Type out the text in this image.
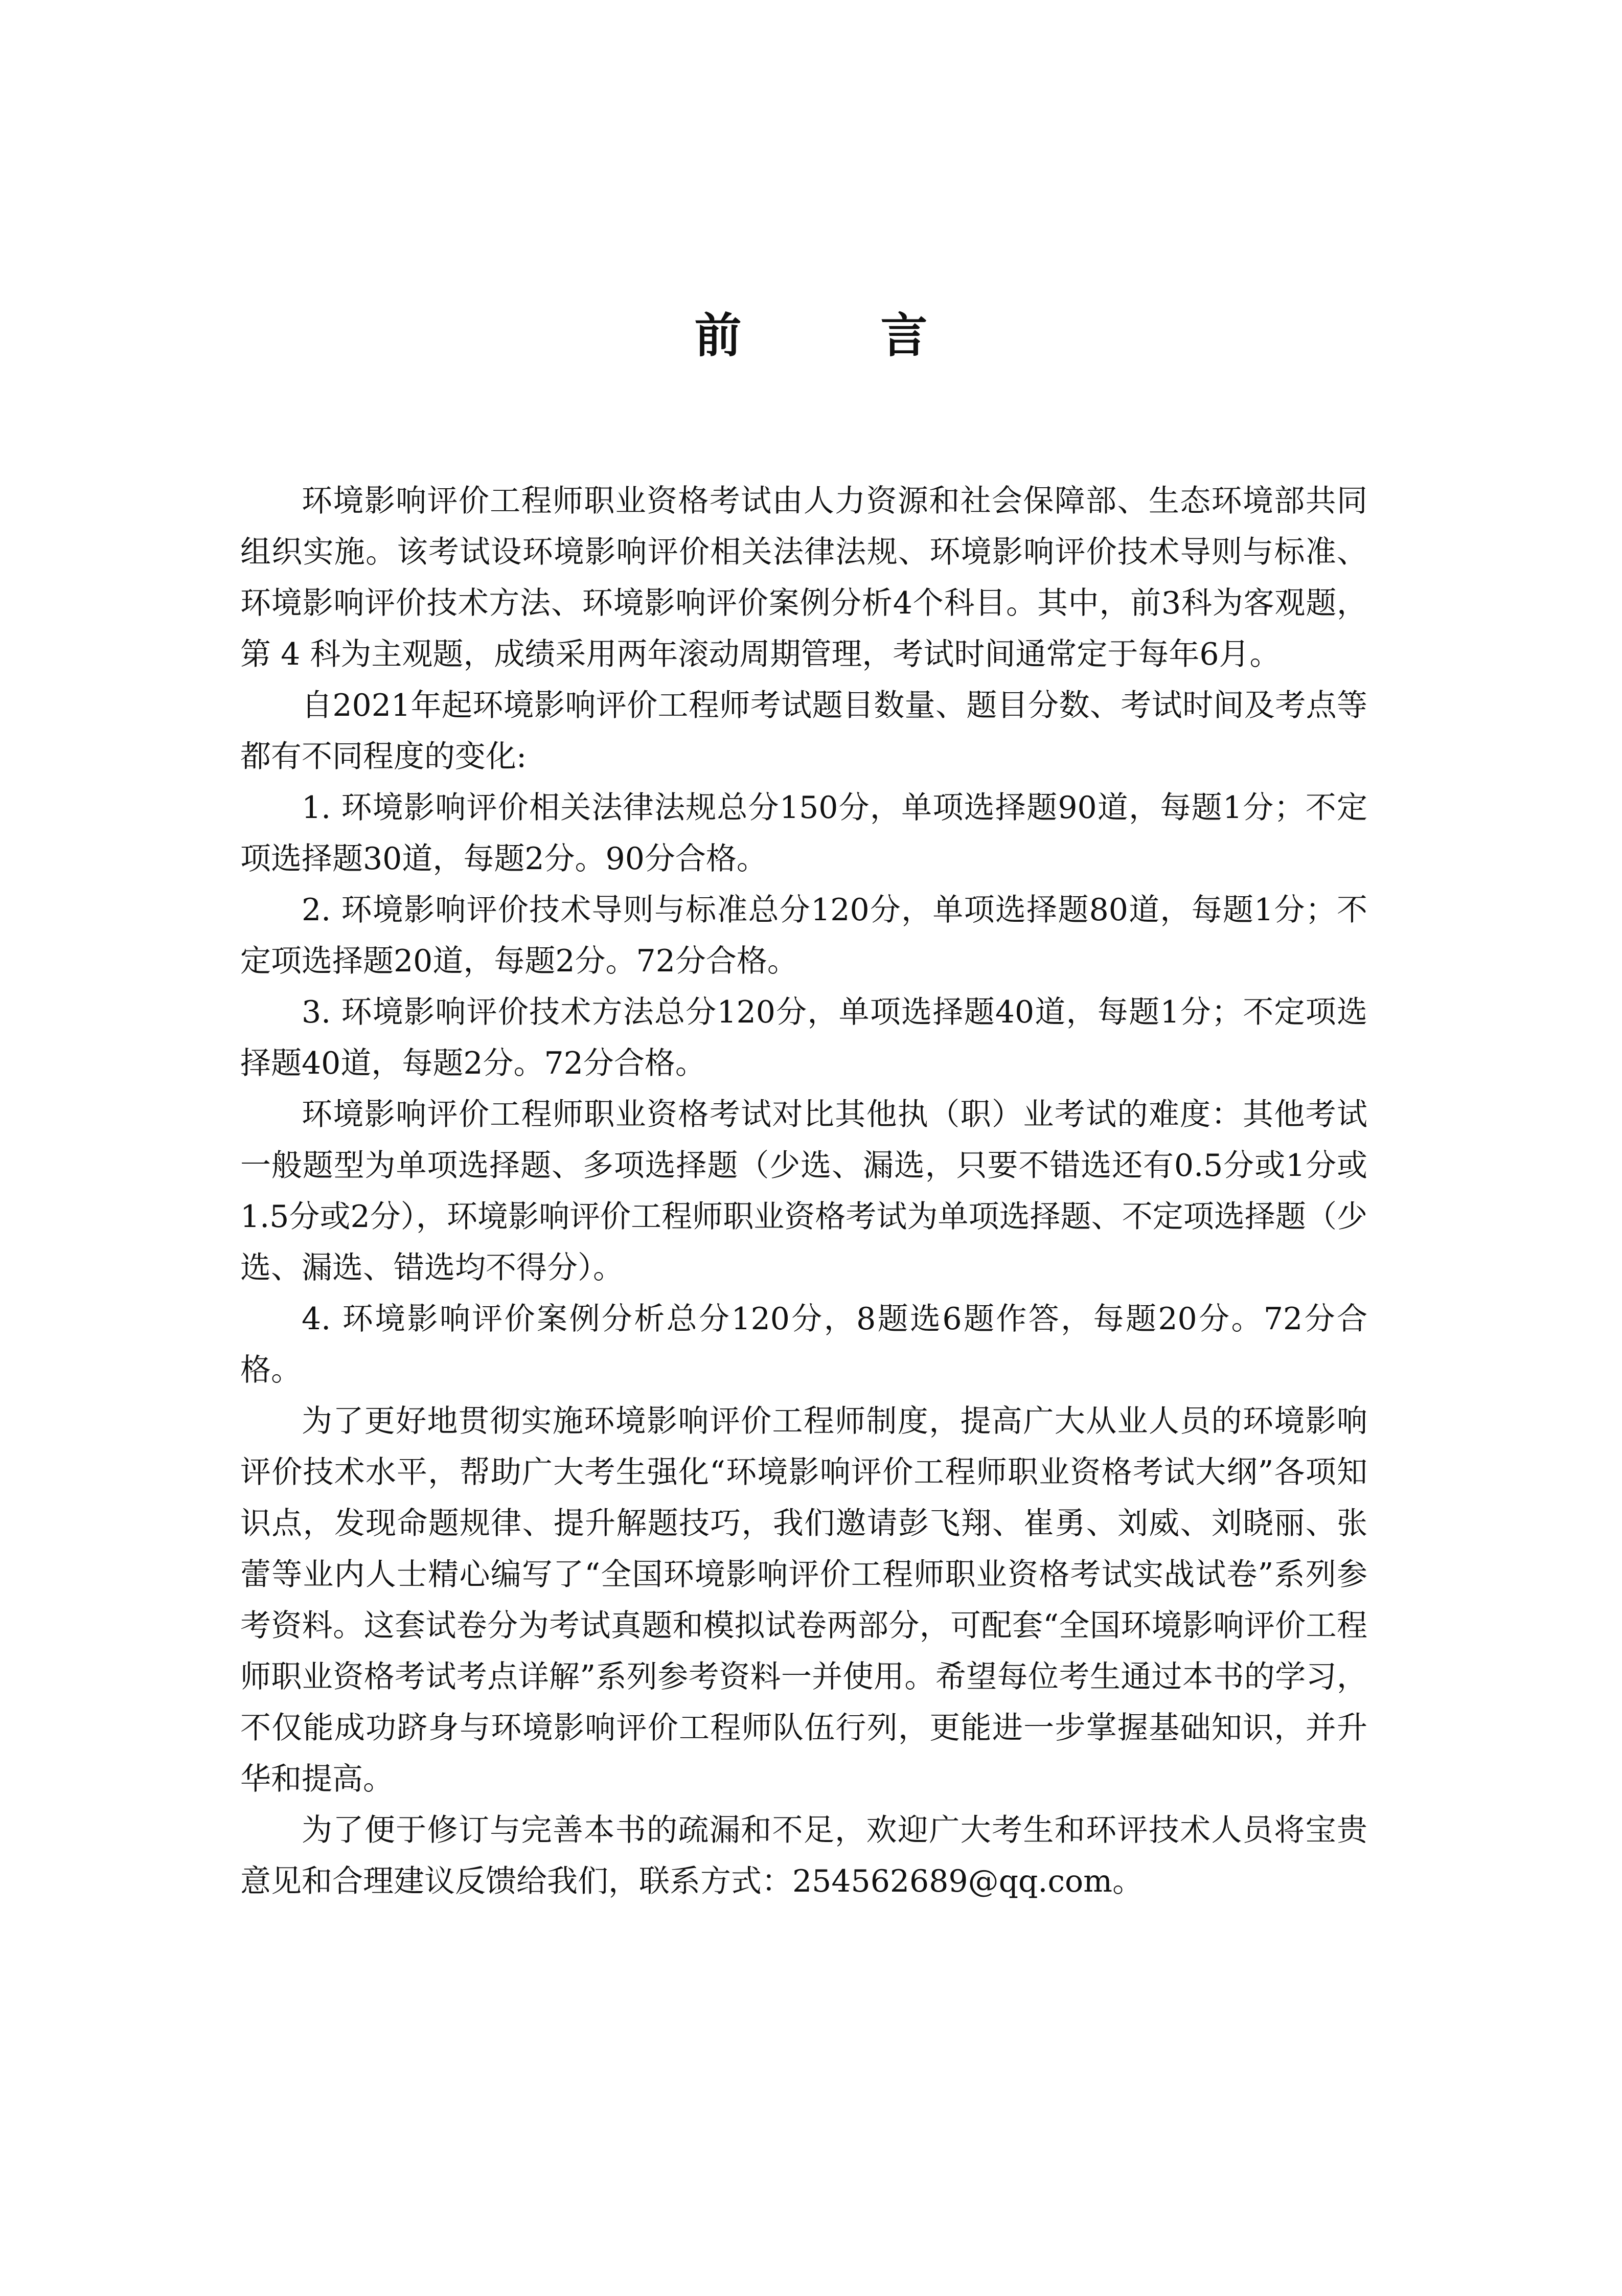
前 言

环境影响评价工程师职业资格考试由人力资源和社会保障部、生态环境部共同组织实施。该考试设环境影响评价相关法律法规、环境影响评价技术导则与标准、环境影响评价技术方法、环境影响评价案例分析4个科目。其中，前3科为客观题，第 4 科为主观题，成绩采用两年滚动周期管理，考试时间通常定于每年6月。

自2021年起环境影响评价工程师考试题目数量、题目分数、考试时间及考点等都有不同程度的变化:

1. 环境影响评价相关法律法规总分150分，单项选择题90道，每题1分；不定项选择题30道，每题2分。90分合格。

2. 环境影响评价技术导则与标准总分120分，单项选择题80道，每题1分；不定项选择题20道，每题2分。72分合格。

3. 环境影响评价技术方法总分120分，单项选择题40道，每题1分；不定项选择题40道，每题2分。72分合格。

环境影响评价工程师职业资格考试对比其他执（职）业考试的难度：其他考试一般题型为单项选择题、多项选择题（少选、漏选，只要不错选还有0.5分或1分或1.5分或2分），环境影响评价工程师职业资格考试为单项选择题、不定项选择题（少选、漏选、错选均不得分）。

4. 环境影响评价案例分析总分120分，8题选6题作答，每题20分。72分合格。

为了更好地贯彻实施环境影响评价工程师制度，提高广大从业人员的环境影响评价技术水平，帮助广大考生强化“环境影响评价工程师职业资格考试大纲”各项知识点，发现命题规律、提升解题技巧，我们邀请彭飞翔、崔勇、刘威、刘晓丽、张蕾等业内人士精心编写了“全国环境影响评价工程师职业资格考试实战试卷”系列参考资料。这套试卷分为考试真题和模拟试卷两部分，可配套“全国环境影响评价工程师职业资格考试考点详解”系列参考资料一并使用。希望每位考生通过本书的学习，不仅能成功跻身与环境影响评价工程师队伍行列，更能进一步掌握基础知识，并升华和提高。

为了便于修订与完善本书的疏漏和不足，欢迎广大考生和环评技术人员将宝贵意见和合理建议反馈给我们，联系方式：254562689@qq.com。
